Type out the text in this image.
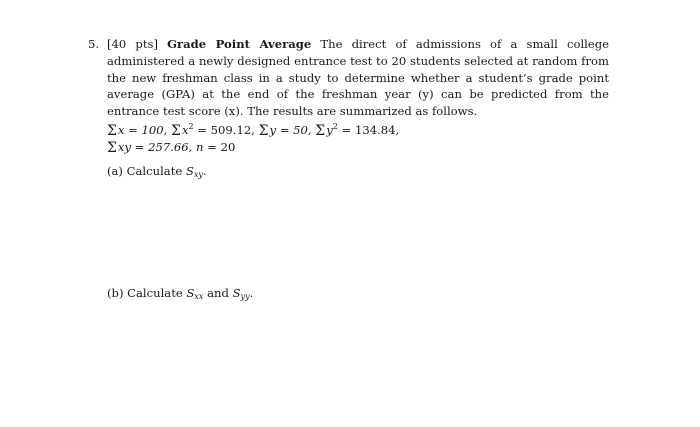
5. [40 pts] Grade Point Average The direct of admissions of a small college administered a newly designed entrance test to 20 students selected at random from the new freshman class in a study to determine whether a student’s grade point average (GPA) at the end of the freshman year (y) can be predicted from the entrance test score (x). The results are summarized as follows.
Σx = 100, $\Sigma x^2 = 509.12$, Σy = 50, $\Sigma y^2 = 134.84$,
Σxy = 257.66, n = 20
(a) Calculate $S_{xy}$.
(b) Calculate $S_{xx}$ and $S_{yy}$.
